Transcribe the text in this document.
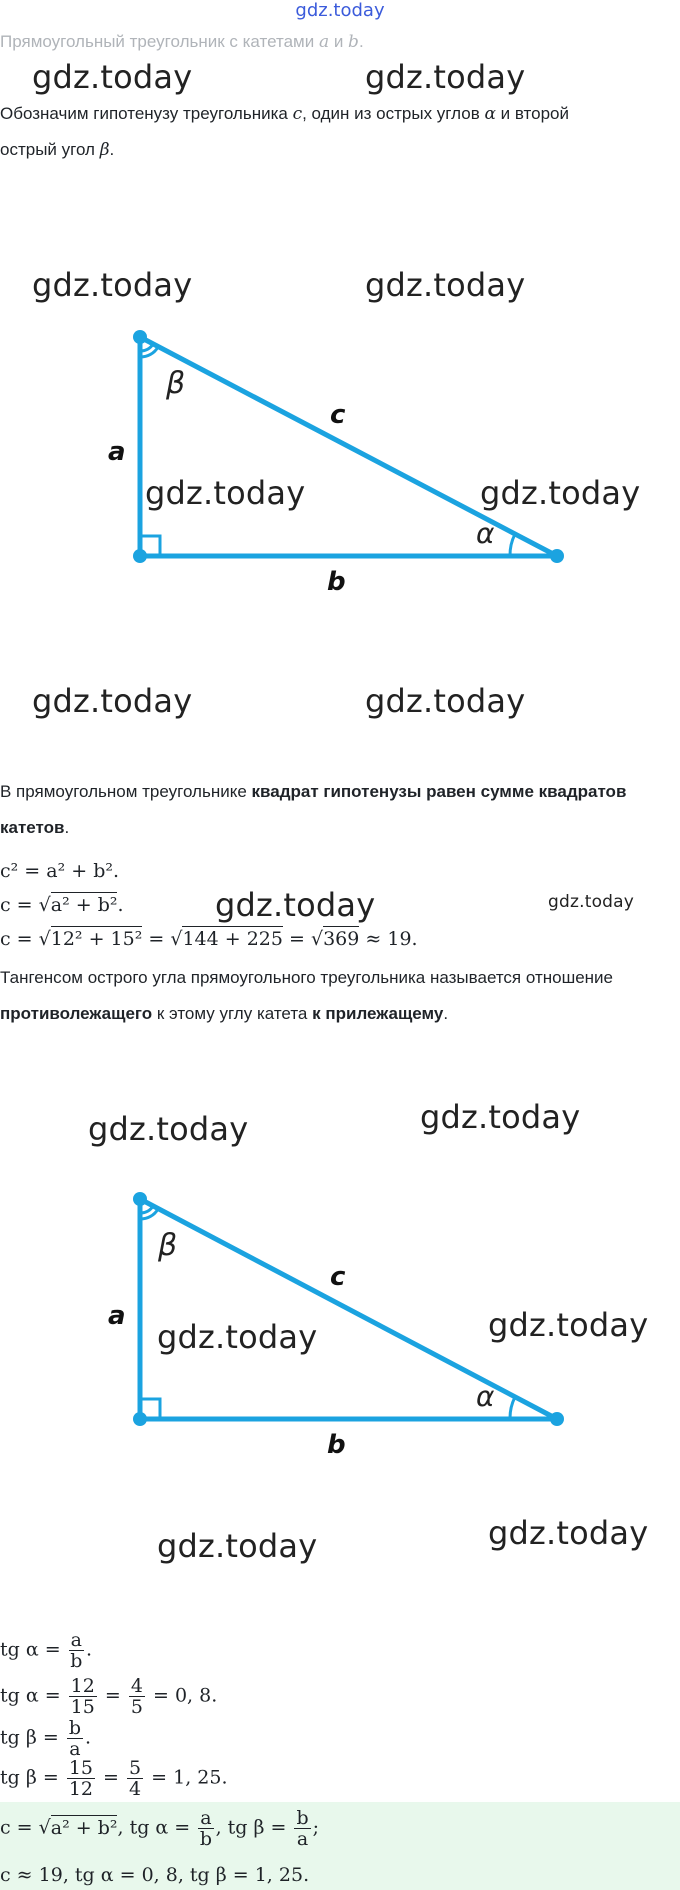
gdz.today
Прямоугольный треугольник с катетами a и b.
gdz.today	gdz.today
Обозначим гипотенузу треугольника c, один из острых углов α и второй
острый угол β.
β
c
a
b
α
gdz.today	gdz.today
gdz.today	gdz.today
gdz.today	gdz.today
В прямоугольном треугольнике квадрат гипотенузы равен сумме квадратов
катетов.
c² = a² + b².
c = √a² + b².
c = √12² + 15² = √144 + 225 = √369 ≈ 19.
gdz.today	gdz.today
Тангенсом острого угла прямоугольного треугольника называется отношение
противолежащего к этому углу катета к прилежащему.
β
c
a
b
α
gdz.today	gdz.today
gdz.today	gdz.today
gdz.today	gdz.today
tg $\alpha = \frac{a}{b}$ .
tg $\alpha = \frac{12}{15} = \frac{4}{5} = 0$, 8.
tg $\beta = \frac{b}{a}$ .
tg $\beta = \frac{15}{12} = \frac{5}{4} = 1$, 25.
c = √a² + b², tg $\alpha = \frac{a}{b}$ , tg $\beta = \frac{b}{a}$ ;
c ≈ 19, tg α = 0, 8, tg β = 1, 25.
